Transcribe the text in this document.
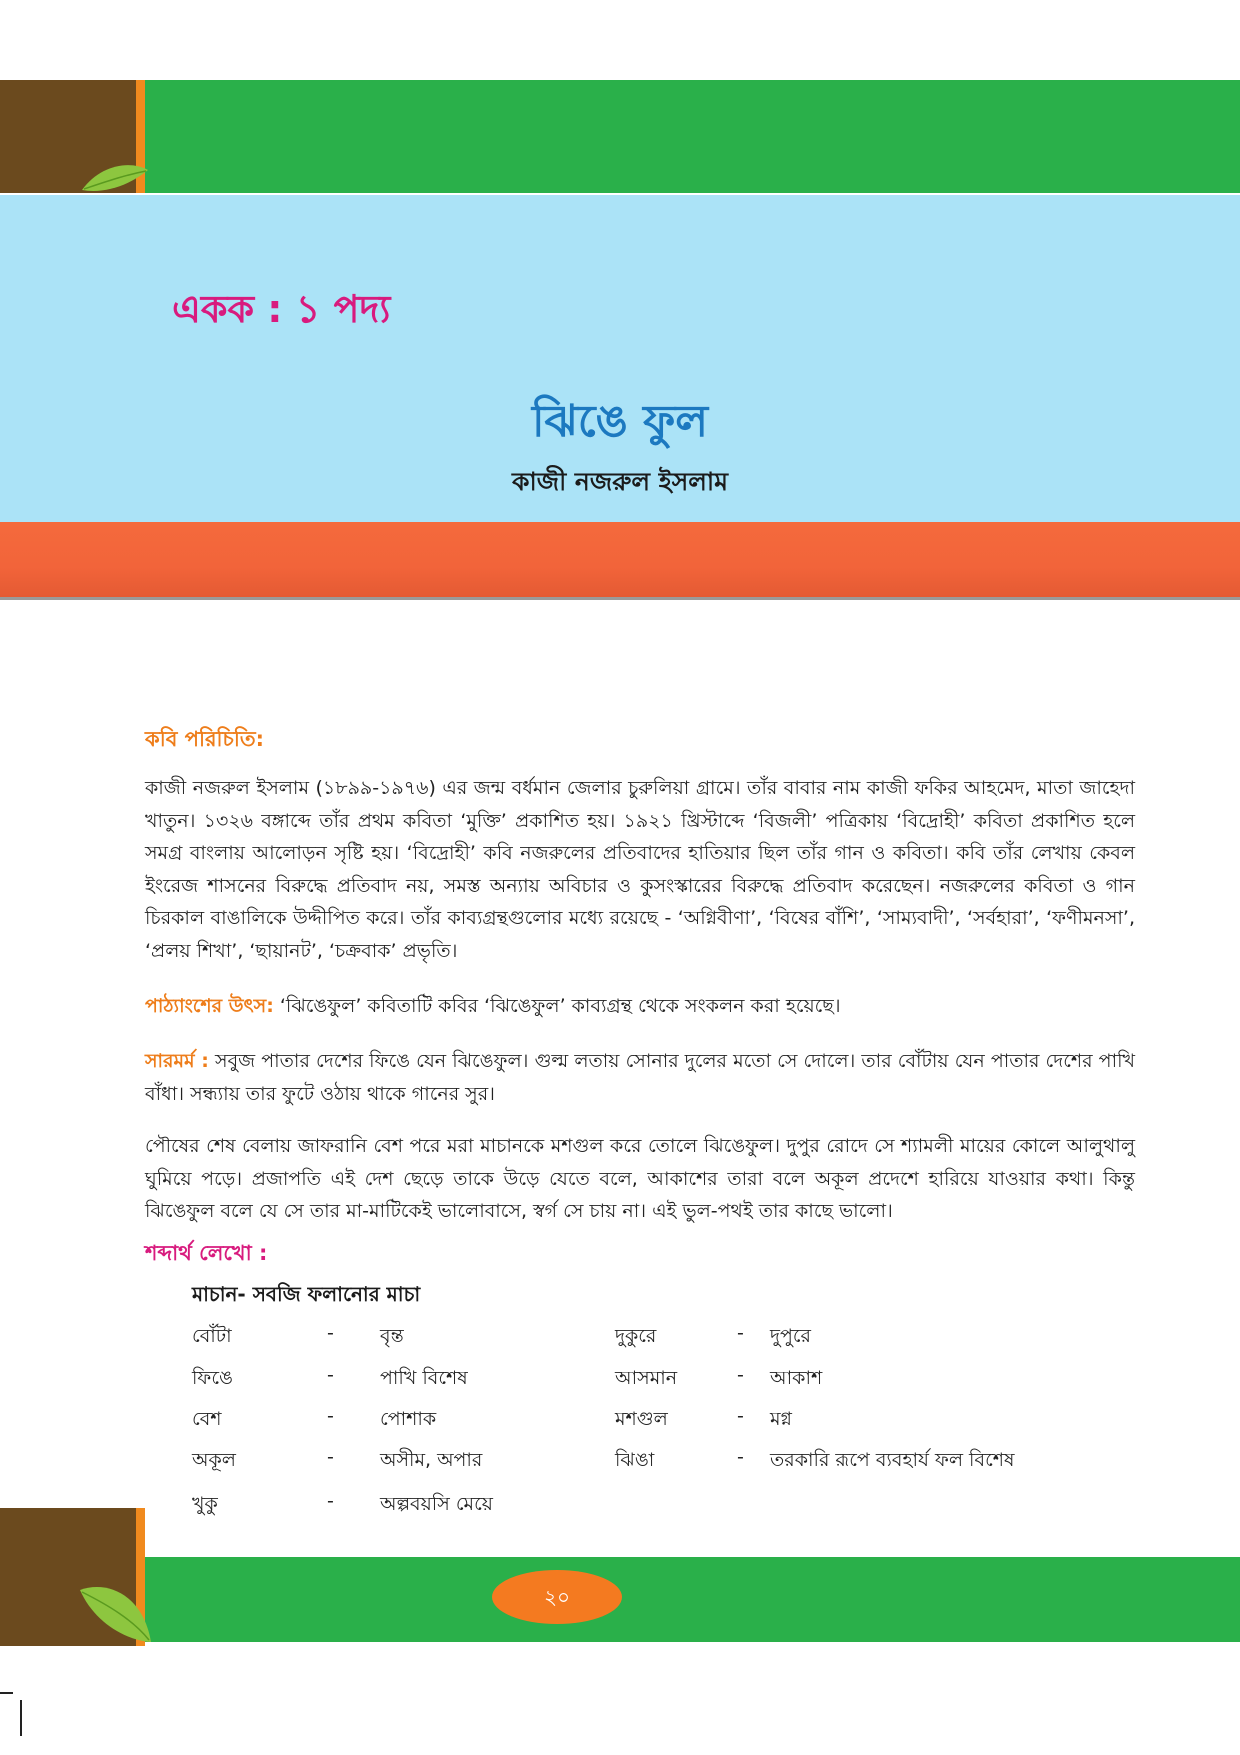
একক : ১ পদ্য
ঝিঙে ফুল
কাজী নজরুল ইসলাম
কবি পরিচিতি:
কাজী নজরুল ইসলাম (১৮৯৯-১৯৭৬) এর জন্ম বর্ধমান জেলার চুরুলিয়া গ্রামে। তাঁর বাবার নাম কাজী ফকির আহমেদ, মাতা জাহেদা খাতুন। ১৩২৬ বঙ্গাব্দে তাঁর প্রথম কবিতা ‘মুক্তি’ প্রকাশিত হয়। ১৯২১ খ্রিস্টাব্দে ‘বিজলী’ পত্রিকায় ‘বিদ্রোহী’ কবিতা প্রকাশিত হলে সমগ্র বাংলায় আলোড়ন সৃষ্টি হয়। ‘বিদ্রোহী’ কবি নজরুলের প্রতিবাদের হাতিয়ার ছিল তাঁর গান ও কবিতা। কবি তাঁর লেখায় কেবল ইংরেজ শাসনের বিরুদ্ধে প্রতিবাদ নয়, সমস্ত অন্যায় অবিচার ও কুসংস্কারের বিরুদ্ধে প্রতিবাদ করেছেন। নজরুলের কবিতা ও গান চিরকাল বাঙালিকে উদ্দীপিত করে। তাঁর কাব্যগ্রন্থগুলোর মধ্যে রয়েছে - ‘অগ্নিবীণা’, ‘বিষের বাঁশি’, ‘সাম্যবাদী’, ‘সর্বহারা’, ‘ফণীমনসা’, ‘প্রলয় শিখা’, ‘ছায়ানট’, ‘চক্রবাক’ প্রভৃতি।
পাঠ্যাংশের উৎস: ‘ঝিঙেফুল’ কবিতাটি কবির ‘ঝিঙেফুল’ কাব্যগ্রন্থ থেকে সংকলন করা হয়েছে।
সারমর্ম : সবুজ পাতার দেশের ফিঙে যেন ঝিঙেফুল। গুল্ম লতায় সোনার দুলের মতো সে দোলে। তার বোঁটায় যেন পাতার দেশের পাখি বাঁধা। সন্ধ্যায় তার ফুটে ওঠায় থাকে গানের সুর।
পৌষের শেষ বেলায় জাফরানি বেশ পরে মরা মাচানকে মশগুল করে তোলে ঝিঙেফুল। দুপুর রোদে সে শ্যামলী মায়ের কোলে আলুথালু ঘুমিয়ে পড়ে। প্রজাপতি এই দেশ ছেড়ে তাকে উড়ে যেতে বলে, আকাশের তারা বলে অকূল প্রদেশে হারিয়ে যাওয়ার কথা। কিন্তু ঝিঙেফুল বলে যে সে তার মা-মাটিকেই ভালোবাসে, স্বর্গ সে চায় না। এই ভুল-পথই তার কাছে ভালো।
শব্দার্থ লেখো :
মাচান- সবজি ফলানোর মাচা
বোঁটা	- বৃন্ত	দুকুরে	- দুপুরে
ফিঙে	- পাখি বিশেষ	আসমান	- আকাশ
বেশ	- পোশাক	মশগুল	- মগ্ন
অকূল	- অসীম, অপার	ঝিঙা	- তরকারি রূপে ব্যবহার্য ফল বিশেষ
খুকু	- অল্পবয়সি মেয়ে
২০
